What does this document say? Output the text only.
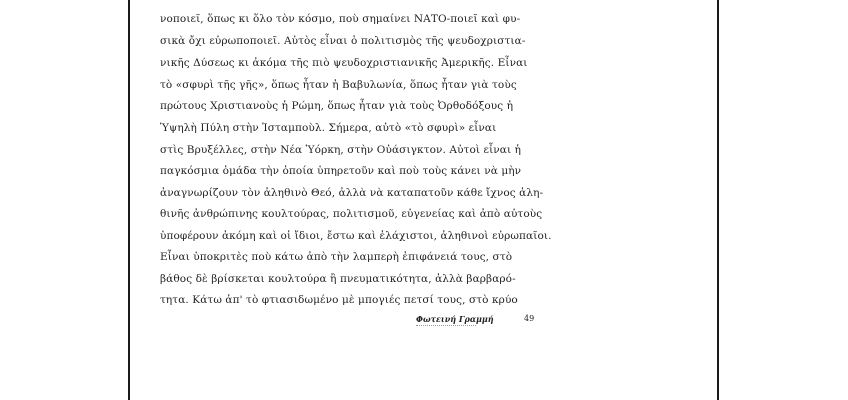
νοποιεῖ, ὅπως κι ὅλο τὸν κόσμο, ποὺ σημαίνει ΝΑΤΟ-ποιεῖ καὶ φυ-
σικὰ ὄχι εὐρωποποιεῖ. Αὐτὸς εἶναι ὁ πολιτισμὸς τῆς ψευδοχριστια-
νικῆς Δύσεως κι ἀκόμα τῆς πιὸ ψευδοχριστιανικῆς Ἀμερικῆς. Εἶναι
τὸ «σφυρὶ τῆς γῆς», ὅπως ἦταν ἡ Βαβυλωνία, ὅπως ἦταν γιὰ τοὺς
πρώτους Χριστιανοὺς ἡ Ρώμη, ὅπως ἦταν γιὰ τοὺς Ὀρθοδόξους ἡ
Ὑψηλὴ Πύλη στὴν Ἰσταμποὺλ. Σήμερα, αὐτὸ «τὸ σφυρὶ» εἶναι
στὶς Βρυξέλλες, στὴν Νέα Ὑόρκη, στὴν Οὐάσιγκτον. Αὐτοὶ εἶναι ἡ
παγκόσμια ὁμάδα τὴν ὁποία ὑπηρετοῦν καὶ ποὺ τοὺς κάνει νὰ μὴν
ἀναγνωρίζουν τὸν ἀληθινὸ Θεό, ἀλλὰ νὰ καταπατοῦν κάθε ἴχνος ἀλη-
θινῆς ἀνθρώπινης κουλτούρας, πολιτισμοῦ, εὐγενείας καὶ ἀπὸ αὐτοὺς
ὑποφέρουν ἀκόμη καὶ οἱ ἴδιοι, ἔστω καὶ ἐλάχιστοι, ἀληθινοὶ εὐρωπαῖοι.
Εἶναι ὑποκριτὲς ποὺ κάτω ἀπὸ τὴν λαμπερὴ ἐπιφάνειά τους, στὸ
βάθος δὲ βρίσκεται κουλτούρα ἢ πνευματικότητα, ἀλλὰ βαρβαρό-
τητα. Κάτω ἀπ' τὸ φτιασιδωμένο μὲ μπογιές πετσί τους, στὸ κρύο
Φωτεινή Γραμμή	49
